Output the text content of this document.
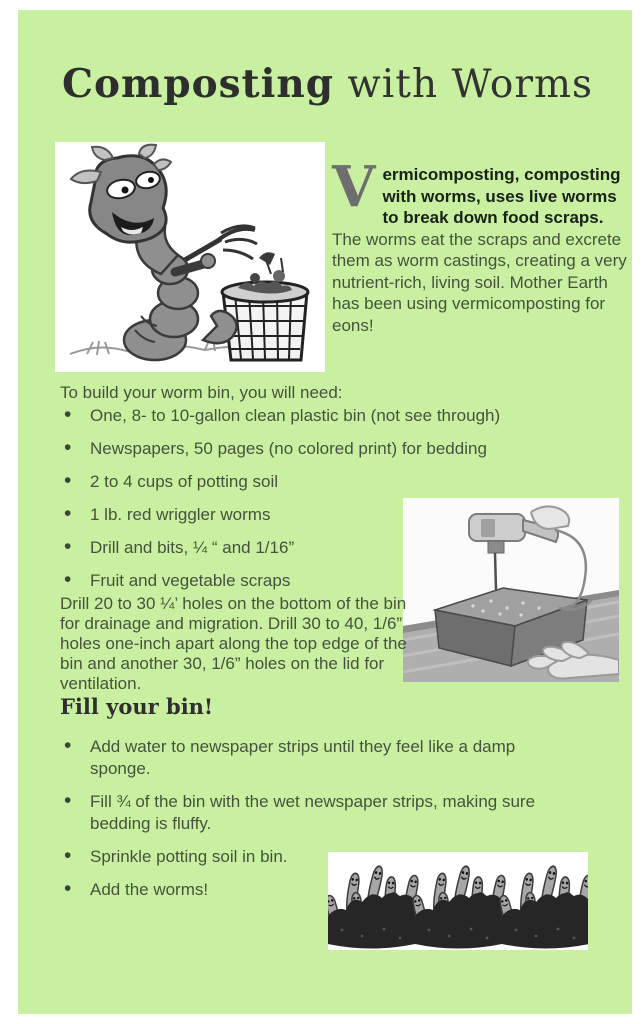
Composting with Worms

Vermicomposting, composting with worms, uses live worms to break down food scraps. The worms eat the scraps and excrete them as worm castings, creating a very nutrient-rich, living soil. Mother Earth has been using vermicomposting for eons!

To build your worm bin, you will need:

• One, 8- to 10-gallon clean plastic bin (not see through)
• Newspapers, 50 pages (no colored print) for bedding
• 2 to 4 cups of potting soil
• 1 lb. red wriggler worms
• Drill and bits, ¼ “ and 1/16”
• Fruit and vegetable scraps

Drill 20 to 30 ¼’ holes on the bottom of the bin for drainage and migration. Drill 30 to 40, 1/6” holes one-inch apart along the top edge of the bin and another 30, 1/6” holes on the lid for ventilation.

Fill your bin!
• Add water to newspaper strips until they feel like a damp sponge.
• Fill ¾ of the bin with the wet newspaper strips, making sure bedding is fluffy.
• Sprinkle potting soil in bin.
• Add the worms!
